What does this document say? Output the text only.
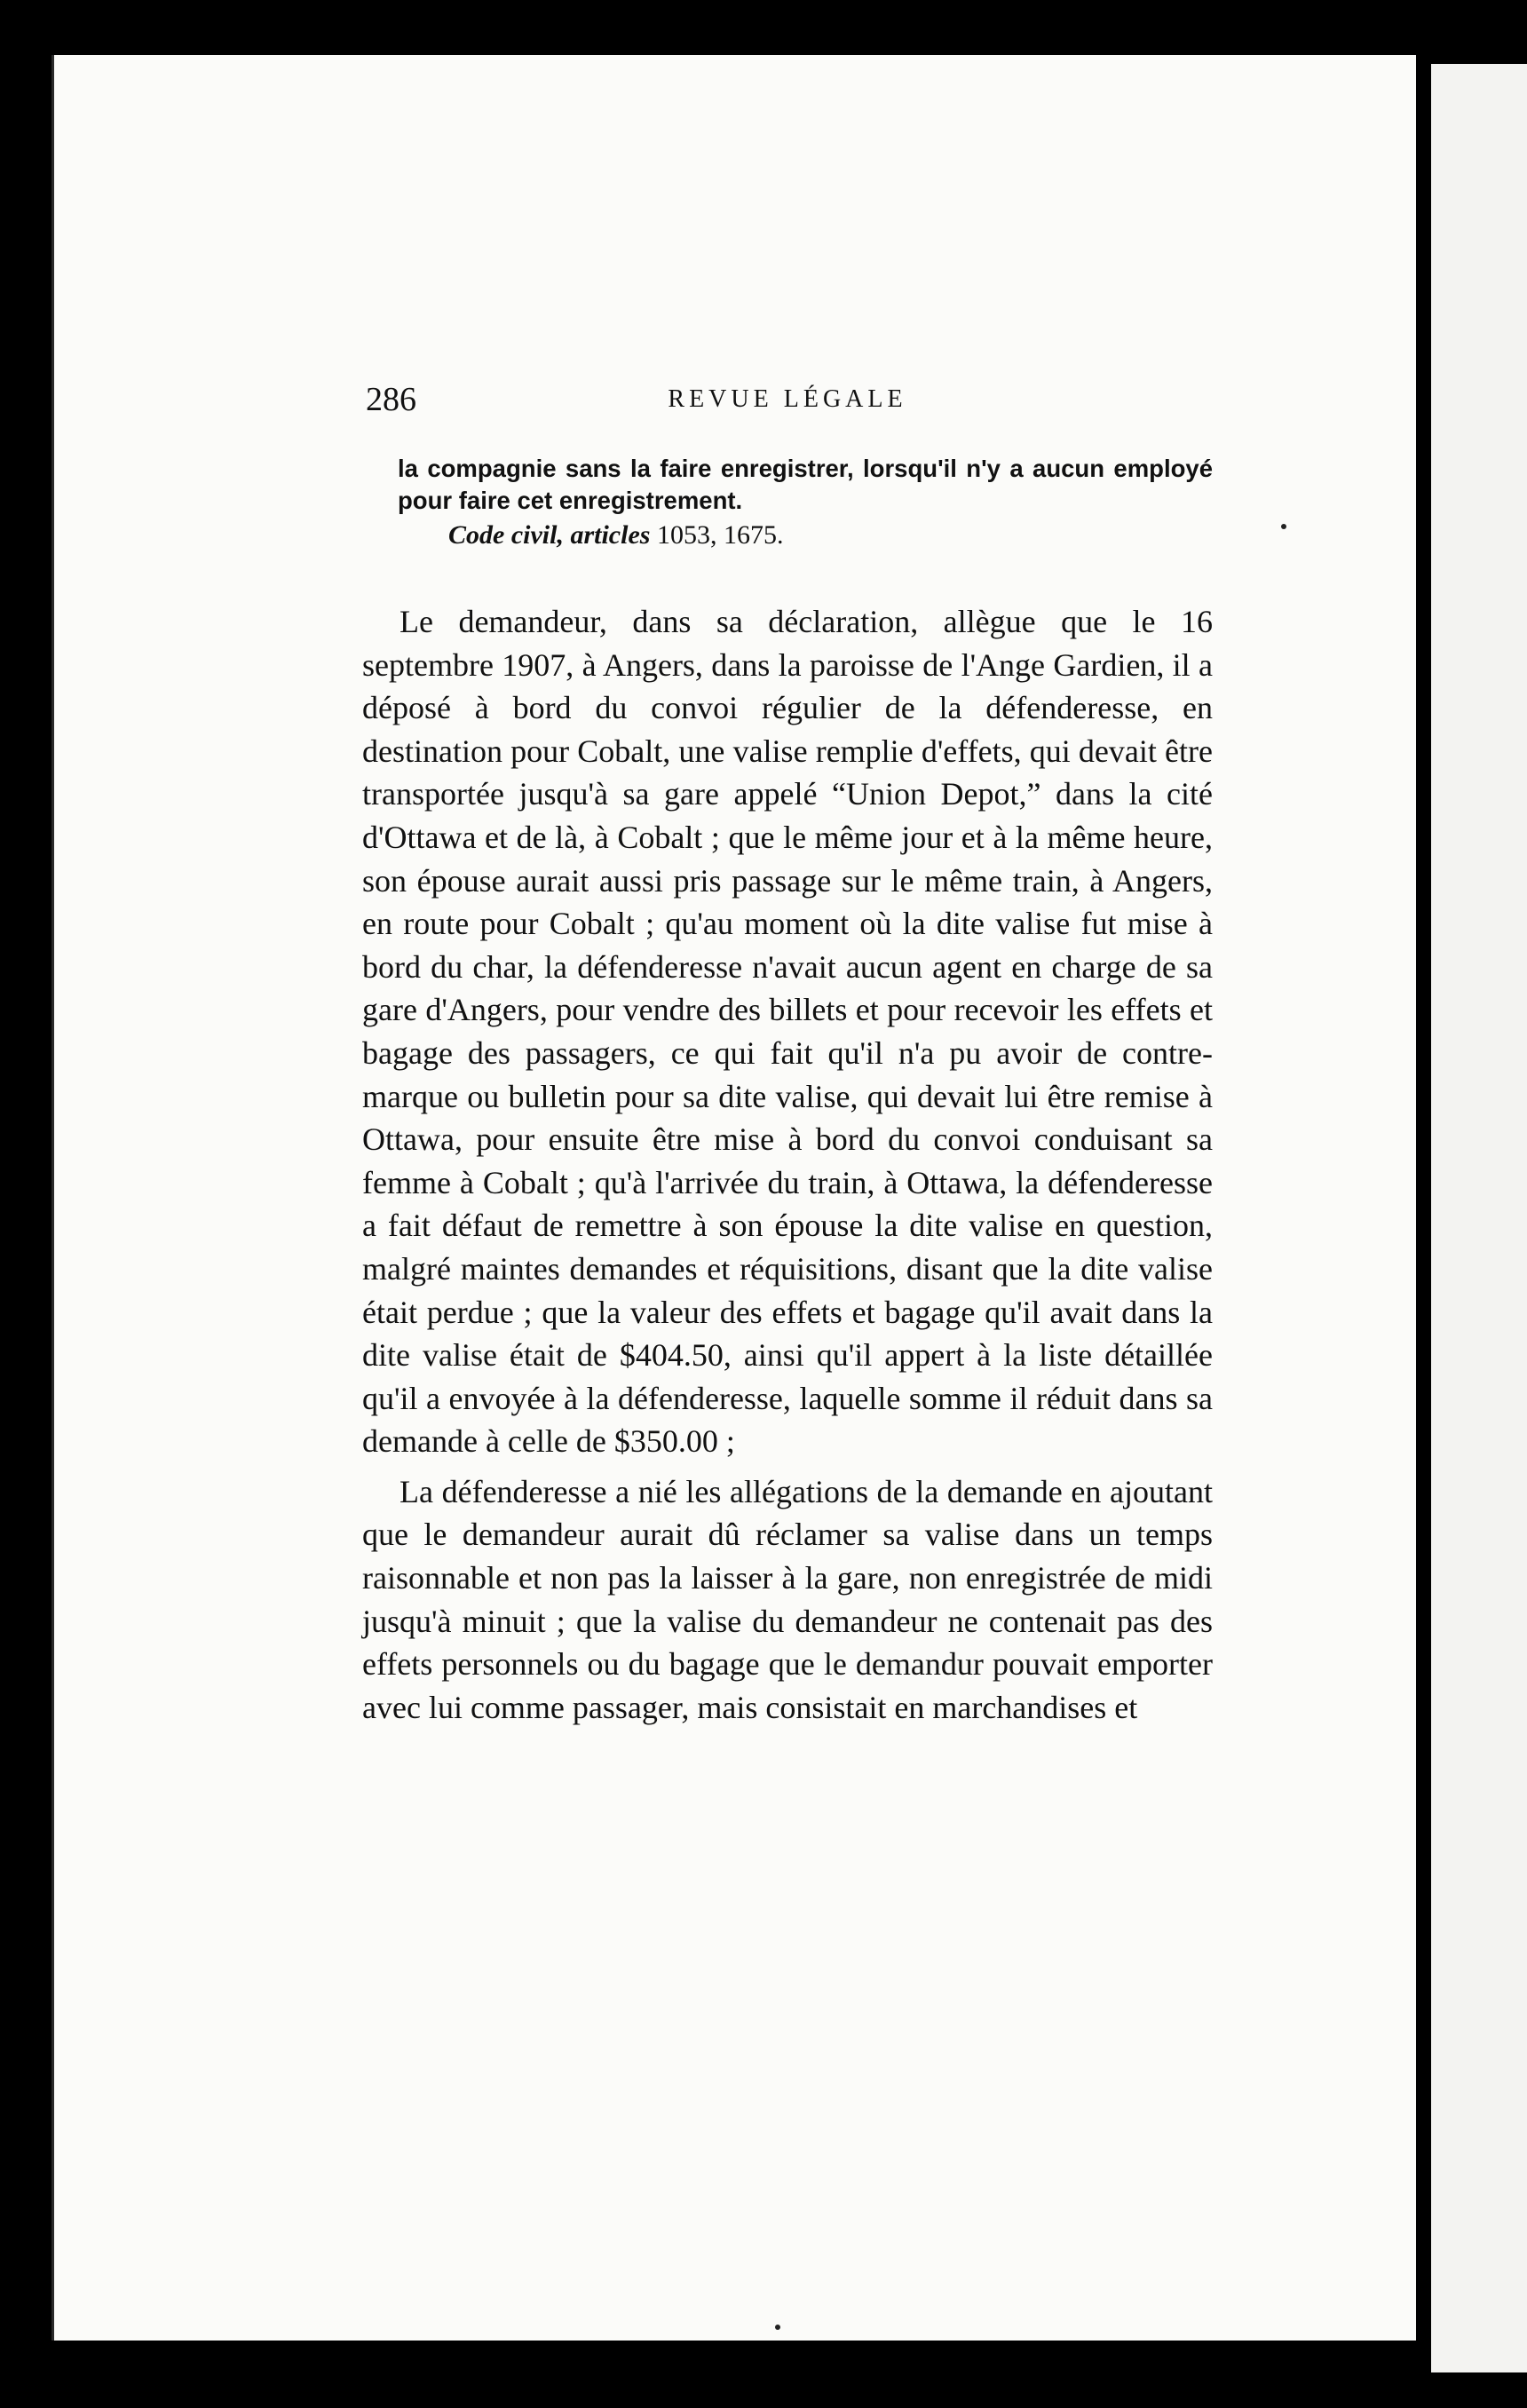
286	REVUE LÉGALE
la compagnie sans la faire enregistrer, lorsqu'il n'y a aucun employé pour faire cet enregistrement.
Code civil, articles 1053, 1675.

Le demandeur, dans sa déclaration, allègue que le 16 septembre 1907, à Angers, dans la paroisse de l'Ange Gardien, il a déposé à bord du convoi régulier de la défenderesse, en destination pour Cobalt, une valise remplie d'effets, qui devait être transportée jusqu'à sa gare appelé “Union Depot,” dans la cité d'Ottawa et de là, à Cobalt ; que le même jour et à la même heure, son épouse aurait aussi pris passage sur le même train, à Angers, en route pour Cobalt ; qu'au moment où la dite valise fut mise à bord du char, la défenderesse n'avait aucun agent en charge de sa gare d'Angers, pour vendre des billets et pour recevoir les effets et bagage des passagers, ce qui fait qu'il n'a pu avoir de contre-marque ou bulletin pour sa dite valise, qui devait lui être remise à Ottawa, pour ensuite être mise à bord du convoi conduisant sa femme à Cobalt ; qu'à l'arrivée du train, à Ottawa, la défenderesse a fait défaut de remettre à son épouse la dite valise en question, malgré maintes demandes et réquisitions, disant que la dite valise était perdue ; que la valeur des effets et bagage qu'il avait dans la dite valise était de $404.50, ainsi qu'il appert à la liste détaillée qu'il a envoyée à la défenderesse, laquelle somme il réduit dans sa demande à celle de $350.00 ;

La défenderesse a nié les allégations de la demande en ajoutant que le demandeur aurait dû réclamer sa valise dans un temps raisonnable et non pas la laisser à la gare, non enregistrée de midi jusqu'à minuit ; que la valise du demandeur ne contenait pas des effets personnels ou du bagage que le demandur pouvait emporter avec lui comme passager, mais consistait en marchandises et
